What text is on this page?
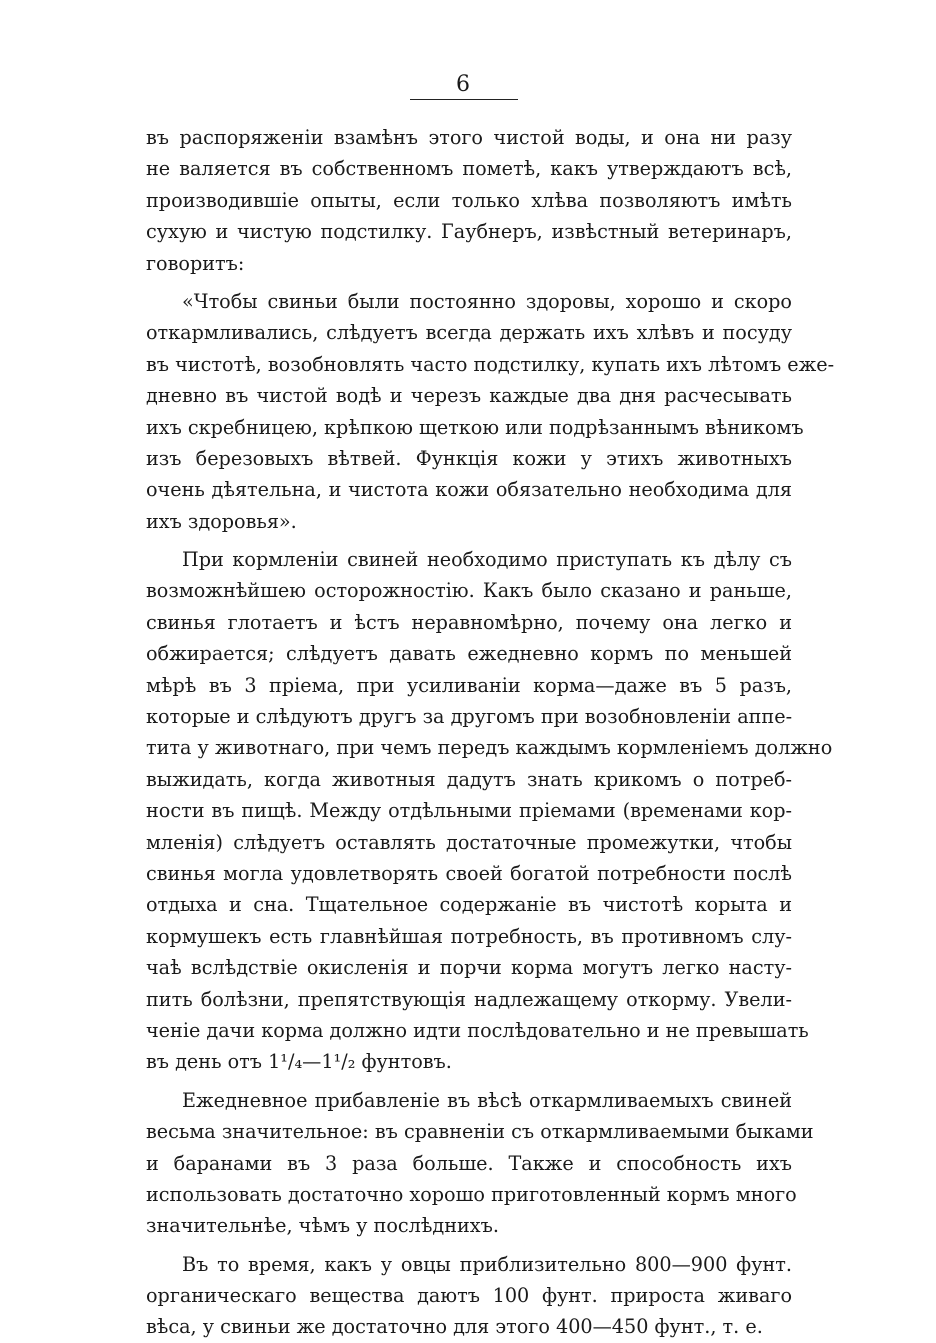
6
въ распоряженіи взамѣнъ этого чистой воды, и она ни разу
не валяется въ собственномъ пометѣ, какъ утверждаютъ всѣ,
производившіе опыты, если только хлѣва позволяютъ имѣть
сухую и чистую подстилку. Гаубнеръ, извѣстный ветеринаръ,
говоритъ:
«Чтобы свиньи были постоянно здоровы, хорошо и скоро
откармливались, слѣдуетъ всегда держать ихъ хлѣвъ и посуду
въ чистотѣ, возобновлять часто подстилку, купать ихъ лѣтомъ еже-
дневно въ чистой водѣ и черезъ каждые два дня расчесывать
ихъ скребницею, крѣпкою щеткою или подрѣзаннымъ вѣникомъ
изъ березовыхъ вѣтвей. Функція кожи у этихъ животныхъ
очень дѣятельна, и чистота кожи обязательно необходима для
ихъ здоровья».
При кормленіи свиней необходимо приступать къ дѣлу съ
возможнѣйшею осторожностію. Какъ было сказано и раньше,
свинья глотаетъ и ѣстъ неравномѣрно, почему она легко и
обжирается; слѣдуетъ давать ежедневно кормъ по меньшей
мѣрѣ въ 3 пріема, при усиливаніи корма—даже въ 5 разъ,
которые и слѣдуютъ другъ за другомъ при возобновленіи аппе-
тита у животнаго, при чемъ передъ каждымъ кормленіемъ должно
выжидать, когда животныя дадутъ знать крикомъ о потреб-
ности въ пищѣ. Между отдѣльными пріемами (временами кор-
мленія) слѣдуетъ оставлять достаточные промежутки, чтобы
свинья могла удовлетворять своей богатой потребности послѣ
отдыха и сна. Тщательное содержаніе въ чистотѣ корыта и
кормушекъ есть главнѣйшая потребность, въ противномъ слу-
чаѣ вслѣдствіе окисленія и порчи корма могутъ легко насту-
пить болѣзни, препятствующія надлежащему откорму. Увели-
ченіе дачи корма должно идти послѣдовательно и не превышать
въ день отъ 1¹/₄—1¹/₂ фунтовъ.
Ежедневное прибавленіе въ вѣсѣ откармливаемыхъ свиней
весьма значительное: въ сравненіи съ откармливаемыми быками
и баранами въ 3 раза больше. Также и способность ихъ
использовать достаточно хорошо приготовленный кормъ много
значительнѣе, чѣмъ у послѣднихъ.
Въ то время, какъ у овцы приблизительно 800—900 фунт.
органическаго вещества даютъ 100 фунт. прироста живаго
вѣса, у свиньи же достаточно для этого 400—450 фунт., т. е.
